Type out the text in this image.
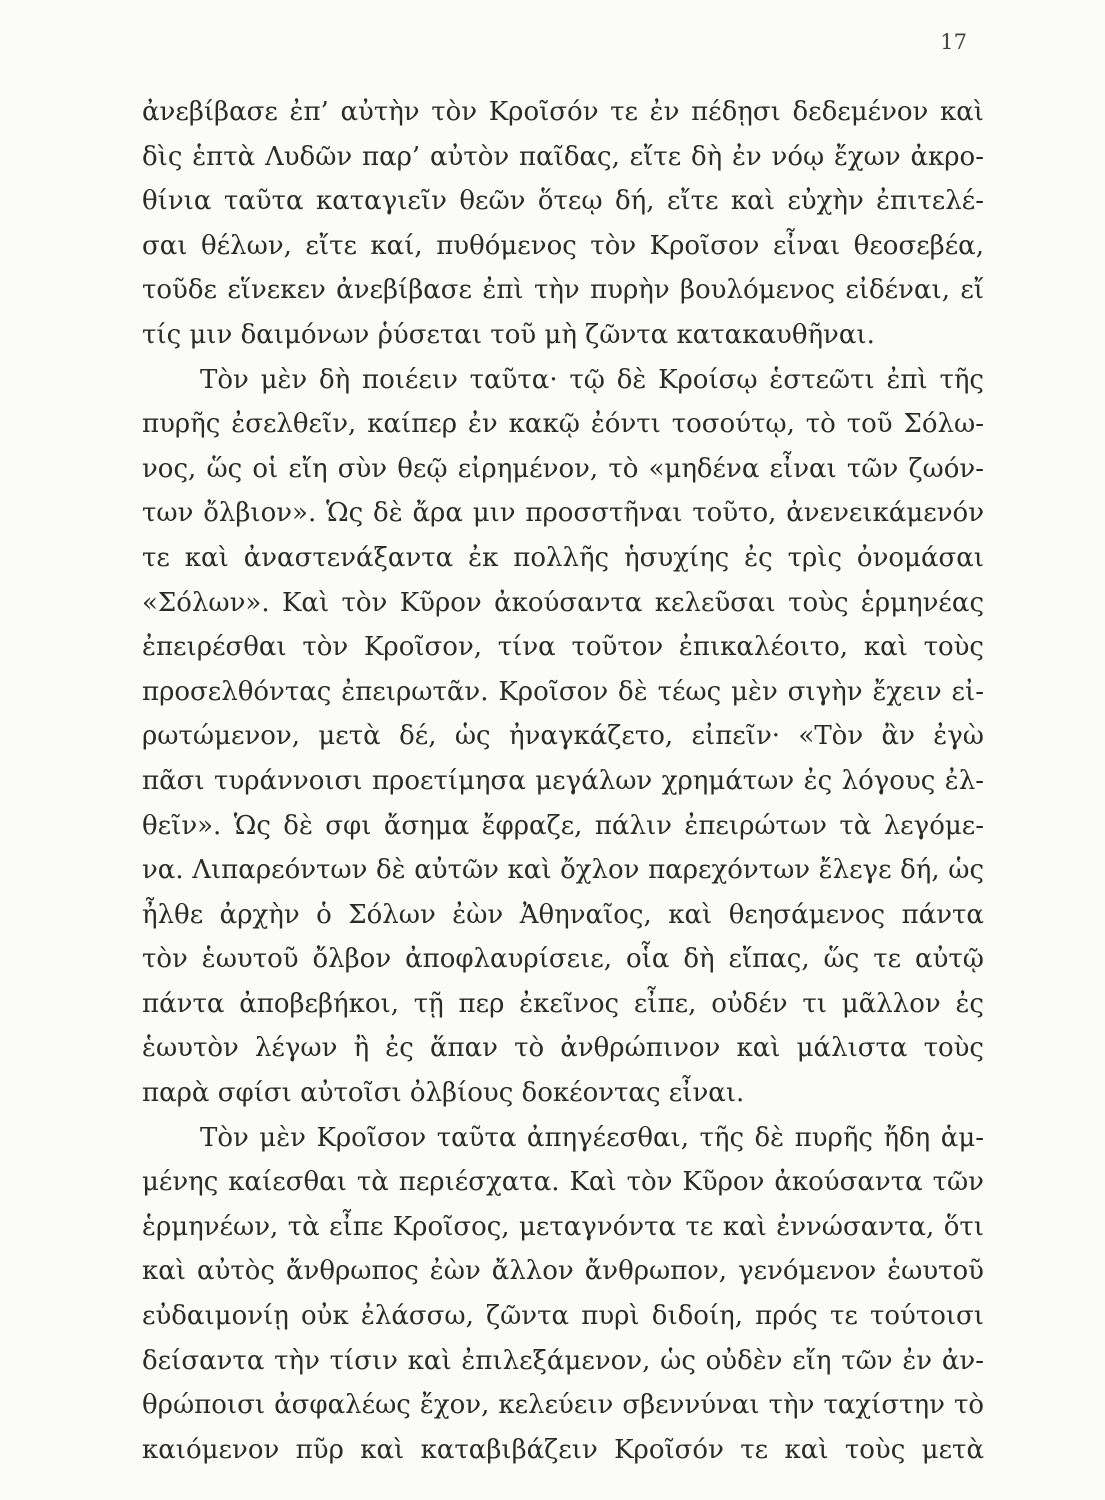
17
ἀνεβίβασε ἐπ’ αὐτὴν τὸν Κροῖσόν τε ἐν πέδῃσι δεδεμένον καὶ
δὶς ἑπτὰ Λυδῶν παρ’ αὐτὸν παῖδας, εἴτε δὴ ἐν νόῳ ἔχων ἀκρο-
θίνια ταῦτα καταγιεῖν θεῶν ὅτεῳ δή, εἴτε καὶ εὐχὴν ἐπιτελέ-
σαι θέλων, εἴτε καί, πυθόμενος τὸν Κροῖσον εἶναι θεοσεβέα,
τοῦδε εἵνεκεν ἀνεβίβασε ἐπὶ τὴν πυρὴν βουλόμενος εἰδέναι, εἴ
τίς μιν δαιμόνων ῥύσεται τοῦ μὴ ζῶντα κατακαυθῆναι.
Τὸν μὲν δὴ ποιέειν ταῦτα· τῷ δὲ Κροίσῳ ἑστεῶτι ἐπὶ τῆς
πυρῆς ἐσελθεῖν, καίπερ ἐν κακῷ ἐόντι τοσούτῳ, τὸ τοῦ Σόλω-
νος, ὥς οἱ εἴη σὺν θεῷ εἰρημένον, τὸ «μηδένα εἶναι τῶν ζωόν-
των ὄλβιον». Ὡς δὲ ἄρα μιν προσστῆναι τοῦτο, ἀνενεικάμενόν
τε καὶ ἀναστενάξαντα ἐκ πολλῆς ἡσυχίης ἐς τρὶς ὀνομάσαι
«Σόλων». Καὶ τὸν Κῦρον ἀκούσαντα κελεῦσαι τοὺς ἑρμηνέας
ἐπειρέσθαι τὸν Κροῖσον, τίνα τοῦτον ἐπικαλέοιτο, καὶ τοὺς
προσελθόντας ἐπειρωτᾶν. Κροῖσον δὲ τέως μὲν σιγὴν ἔχειν εἰ-
ρωτώμενον, μετὰ δέ, ὡς ἠναγκάζετο, εἰπεῖν· «Τὸν ἂν ἐγὼ
πᾶσι τυράννοισι προετίμησα μεγάλων χρημάτων ἐς λόγους ἐλ-
θεῖν». Ὡς δὲ σφι ἄσημα ἔφραζε, πάλιν ἐπειρώτων τὰ λεγόμε-
να. Λιπαρεόντων δὲ αὐτῶν καὶ ὄχλον παρεχόντων ἔλεγε δή, ὡς
ἦλθε ἀρχὴν ὁ Σόλων ἐὼν Ἀθηναῖος, καὶ θεησάμενος πάντα
τὸν ἑωυτοῦ ὄλβον ἀποφλαυρίσειε, οἷα δὴ εἴπας, ὥς τε αὐτῷ
πάντα ἀποβεβήκοι, τῇ περ ἐκεῖνος εἶπε, οὐδέν τι μᾶλλον ἐς
ἑωυτὸν λέγων ἢ ἐς ἅπαν τὸ ἀνθρώπινον καὶ μάλιστα τοὺς
παρὰ σφίσι αὐτοῖσι ὀλβίους δοκέοντας εἶναι.
Τὸν μὲν Κροῖσον ταῦτα ἀπηγέεσθαι, τῆς δὲ πυρῆς ἤδη ἁμ-
μένης καίεσθαι τὰ περιέσχατα. Καὶ τὸν Κῦρον ἀκούσαντα τῶν
ἑρμηνέων, τὰ εἶπε Κροῖσος, μεταγνόντα τε καὶ ἐννώσαντα, ὅτι
καὶ αὐτὸς ἄνθρωπος ἐὼν ἄλλον ἄνθρωπον, γενόμενον ἑωυτοῦ
εὐδαιμονίῃ οὐκ ἐλάσσω, ζῶντα πυρὶ διδοίη, πρός τε τούτοισι
δείσαντα τὴν τίσιν καὶ ἐπιλεξάμενον, ὡς οὐδὲν εἴη τῶν ἐν ἀν-
θρώποισι ἀσφαλέως ἔχον, κελεύειν σβεννύναι τὴν ταχίστην τὸ
καιόμενον πῦρ καὶ καταβιβάζειν Κροῖσόν τε καὶ τοὺς μετὰ
